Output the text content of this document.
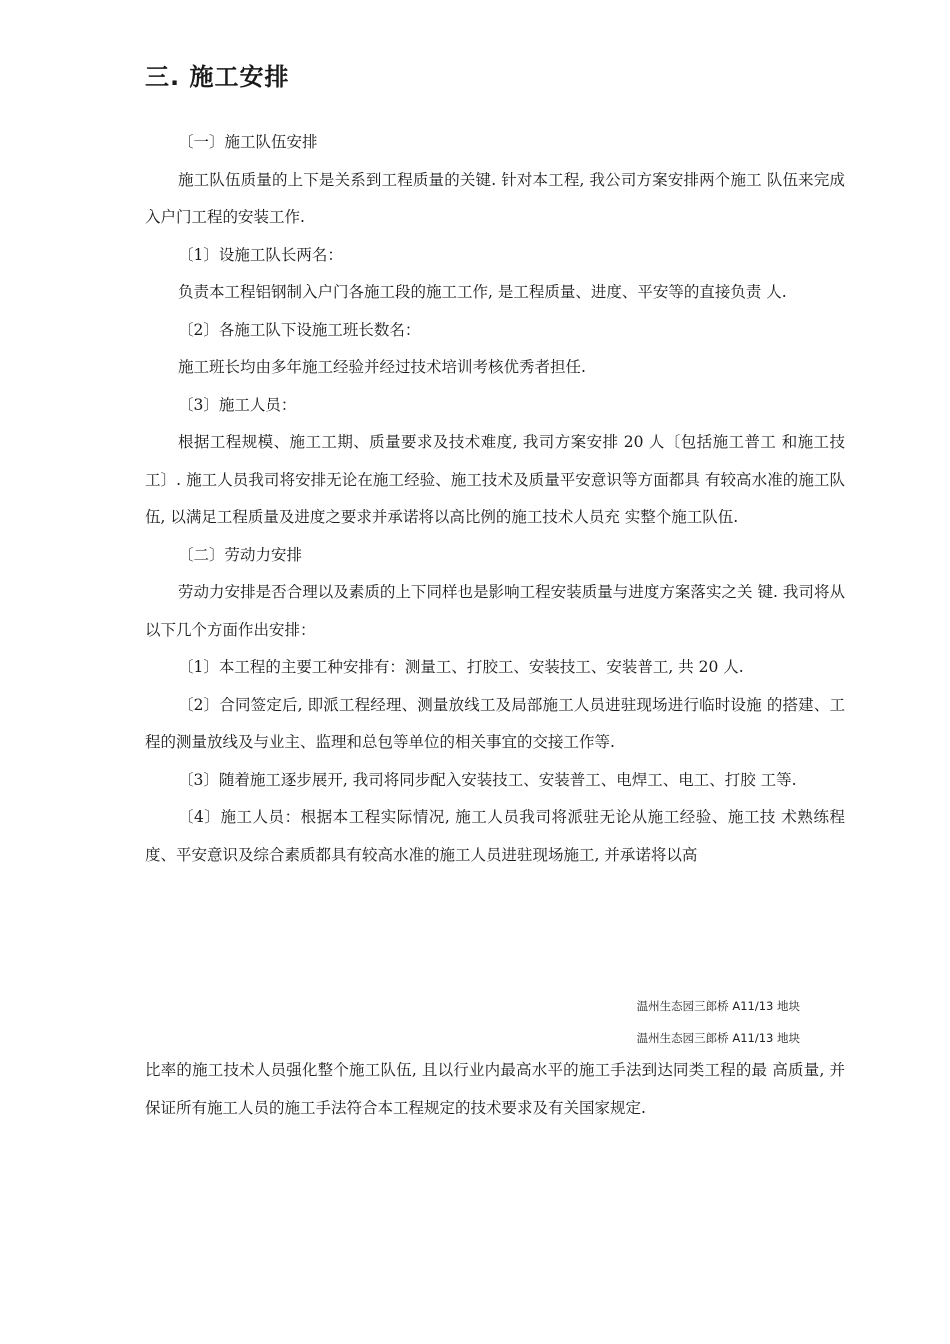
三. 施工安排

〔一〕施工队伍安排

施工队伍质量的上下是关系到工程质量的关键. 针对本工程, 我公司方案安排两个施工 队伍来完成入户门工程的安装工作.

〔1〕设施工队长两名：

负责本工程铝钢制入户门各施工段的施工工作, 是工程质量、进度、平安等的直接负责 人.

〔2〕各施工队下设施工班长数名：

施工班长均由多年施工经验并经过技术培训考核优秀者担任.

〔3〕施工人员：

根据工程规模、施工工期、质量要求及技术难度, 我司方案安排 20 人〔包括施工普工 和施工技工〕. 施工人员我司将安排无论在施工经验、施工技术及质量平安意识等方面都具 有较高水准的施工队伍, 以满足工程质量及进度之要求并承诺将以高比例的施工技术人员充 实整个施工队伍.

〔二〕劳动力安排

劳动力安排是否合理以及素质的上下同样也是影响工程安装质量与进度方案落实之关 键. 我司将从以下几个方面作出安排：

〔1〕本工程的主要工种安排有：测量工、打胶工、安装技工、安装普工, 共 20 人.

〔2〕合同签定后, 即派工程经理、测量放线工及局部施工人员进驻现场进行临时设施 的搭建、工程的测量放线及与业主、监理和总包等单位的相关事宜的交接工作等.

〔3〕随着施工逐步展开, 我司将同步配入安装技工、安装普工、电焊工、电工、打胶 工等.

〔4〕施工人员：根据本工程实际情况, 施工人员我司将派驻无论从施工经验、施工技 术熟练程度、平安意识及综合素质都具有较高水准的施工人员进驻现场施工, 并承诺将以高

温州生态园三郎桥 A11/13 地块
温州生态园三郎桥 A11/13 地块

比率的施工技术人员强化整个施工队伍, 且以行业内最高水平的施工手法到达同类工程的最 高质量, 并保证所有施工人员的施工手法符合本工程规定的技术要求及有关国家规定.
